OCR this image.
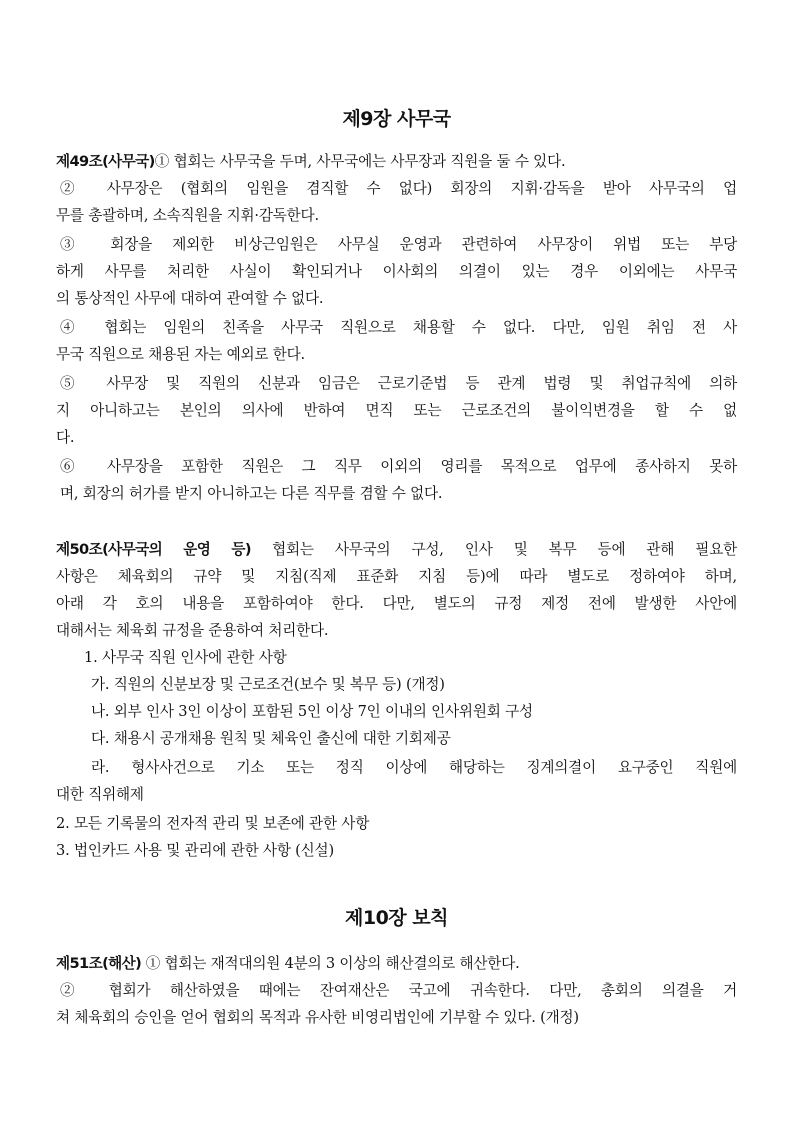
제9장 사무국
제49조(사무국)① 협회는 사무국을 두며, 사무국에는 사무장과 직원을 둘 수 있다.
② 사무장은 (협회의 임원을 겸직할 수 없다) 회장의 지휘·감독을 받아 사무국의 업
무를 총괄하며, 소속직원을 지휘·감독한다.
③ 회장을 제외한 비상근임원은 사무실 운영과 관련하여 사무장이 위법 또는 부당
하게 사무를 처리한 사실이 확인되거나 이사회의 의결이 있는 경우 이외에는 사무국
의 통상적인 사무에 대하여 관여할 수 없다.
④ 협회는 임원의 친족을 사무국 직원으로 채용할 수 없다. 다만, 임원 취임 전 사
무국 직원으로 채용된 자는 예외로 한다.
⑤ 사무장 및 직원의 신분과 임금은 근로기준법 등 관계 법령 및 취업규칙에 의하
지 아니하고는 본인의 의사에 반하여 면직 또는 근로조건의 불이익변경을 할 수 없
다.
⑥ 사무장을 포함한 직원은 그 직무 이외의 영리를 목적으로 업무에 종사하지 못하
며, 회장의 허가를 받지 아니하고는 다른 직무를 겸할 수 없다.
제50조(사무국의 운영 등) 협회는 사무국의 구성, 인사 및 복무 등에 관해 필요한
사항은 체육회의 규약 및 지침(직제 표준화 지침 등)에 따라 별도로 정하여야 하며,
아래 각 호의 내용을 포함하여야 한다. 다만, 별도의 규정 제정 전에 발생한 사안에
대해서는 체육회 규정을 준용하여 처리한다.
1. 사무국 직원 인사에 관한 사항
가. 직원의 신분보장 및 근로조건(보수 및 복무 등) (개정)
나. 외부 인사 3인 이상이 포함된 5인 이상 7인 이내의 인사위원회 구성
다. 채용시 공개채용 원칙 및 체육인 출신에 대한 기회제공
라. 형사사건으로 기소 또는 정직 이상에 해당하는 징계의결이 요구중인 직원에
대한 직위해제
2. 모든 기록물의 전자적 관리 및 보존에 관한 사항
3. 법인카드 사용 및 관리에 관한 사항 (신설)
제10장 보칙
제51조(해산) ① 협회는 재적대의원 4분의 3 이상의 해산결의로 해산한다.
② 협회가 해산하였을 때에는 잔여재산은 국고에 귀속한다. 다만, 총회의 의결을 거
쳐 체육회의 승인을 얻어 협회의 목적과 유사한 비영리법인에 기부할 수 있다. (개정)
